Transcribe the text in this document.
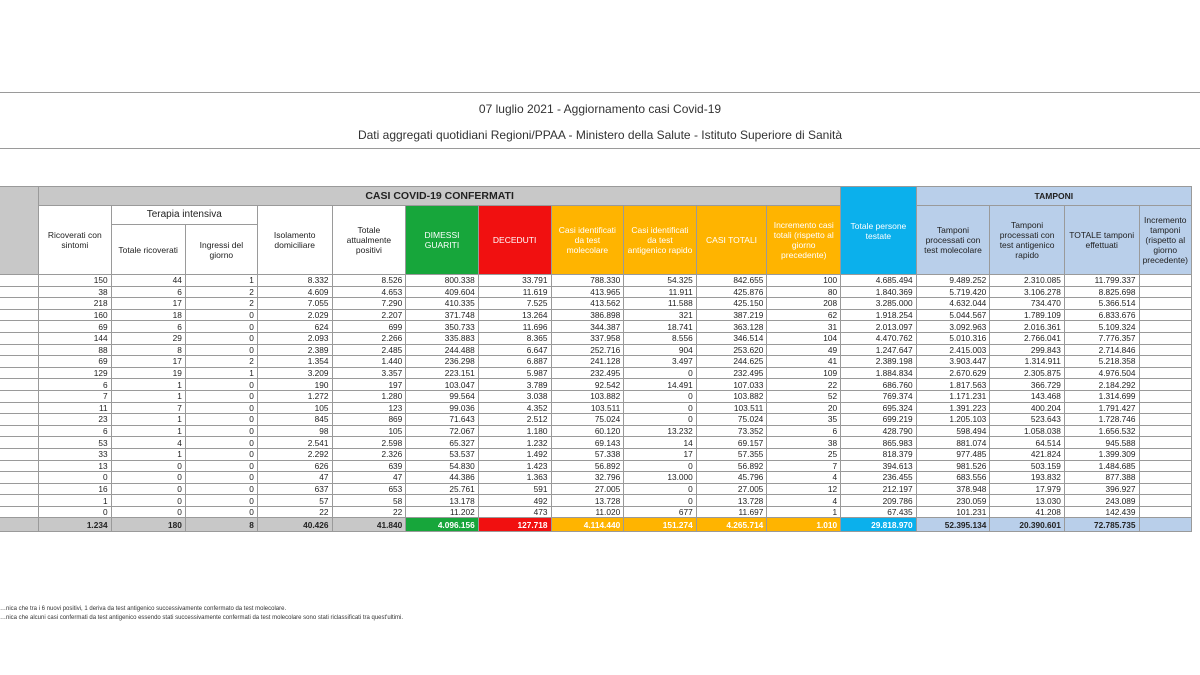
07 luglio 2021 - Aggiornamento casi Covid-19
Dati aggregati quotidiani Regioni/PPAA - Ministero della Salute - Istituto Superiore di Sanità
	CASI COVID-19 CONFERMATI											Totale persone testate	TAMPONI			
	Ricoverati con sintomi	Terapia intensiva		Isolamento domiciliare	Totale attualmente positivi	DIMESSI GUARITI	DECEDUTI	Casi identificati da test molecolare	Casi identificati da test antigenico rapido	CASI TOTALI	Incremento casi totali (rispetto al giorno precedente)		Tamponi processati con test molecolare	Tamponi processati con test antigenico rapido	TOTALE tamponi effettuati	Incremento tamponi (rispetto al giorno precedente)
		Totale ricoverati	Ingressi del giorno													
	150	44	1	8.332	8.526	800.338	33.791	788.330	54.325	842.655	100	4.685.494	9.489.252	2.310.085	11.799.337	
	38	6	2	4.609	4.653	409.604	11.619	413.965	11.911	425.876	80	1.840.369	5.719.420	3.106.278	8.825.698	
	218	17	2	7.055	7.290	410.335	7.525	413.562	11.588	425.150	208	3.285.000	4.632.044	734.470	5.366.514	
	160	18	0	2.029	2.207	371.748	13.264	386.898	321	387.219	62	1.918.254	5.044.567	1.789.109	6.833.676	
	69	6	0	624	699	350.733	11.696	344.387	18.741	363.128	31	2.013.097	3.092.963	2.016.361	5.109.324	
	144	29	0	2.093	2.266	335.883	8.365	337.958	8.556	346.514	104	4.470.762	5.010.316	2.766.041	7.776.357	
	88	8	0	2.389	2.485	244.488	6.647	252.716	904	253.620	49	1.247.647	2.415.003	299.843	2.714.846	
	69	17	2	1.354	1.440	236.298	6.887	241.128	3.497	244.625	41	2.389.198	3.903.447	1.314.911	5.218.358	
	129	19	1	3.209	3.357	223.151	5.987	232.495	0	232.495	109	1.884.834	2.670.629	2.305.875	4.976.504	
	6	1	0	190	197	103.047	3.789	92.542	14.491	107.033	22	686.760	1.817.563	366.729	2.184.292	
	7	1	0	1.272	1.280	99.564	3.038	103.882	0	103.882	52	769.374	1.171.231	143.468	1.314.699	
	11	7	0	105	123	99.036	4.352	103.511	0	103.511	20	695.324	1.391.223	400.204	1.791.427	
	23	1	0	845	869	71.643	2.512	75.024	0	75.024	35	699.219	1.205.103	523.643	1.728.746	
	6	1	0	98	105	72.067	1.180	60.120	13.232	73.352	6	428.790	598.494	1.058.038	1.656.532	
	53	4	0	2.541	2.598	65.327	1.232	69.143	14	69.157	38	865.983	881.074	64.514	945.588	
	33	1	0	2.292	2.326	53.537	1.492	57.338	17	57.355	25	818.379	977.485	421.824	1.399.309	
	13	0	0	626	639	54.830	1.423	56.892	0	56.892	7	394.613	981.526	503.159	1.484.685	
	0	0	0	47	47	44.386	1.363	32.796	13.000	45.796	4	236.455	683.556	193.832	877.388	
	16	0	0	637	653	25.761	591	27.005	0	27.005	12	212.197	378.948	17.979	396.927	
	1	0	0	57	58	13.178	492	13.728	0	13.728	4	209.786	230.059	13.030	243.089	
	0	0	0	22	22	11.202	473	11.020	677	11.697	1	67.435	101.231	41.208	142.439	
	1.234	180	8	40.426	41.840	4.096.156	127.718	4.114.440	151.274	4.265.714	1.010	29.818.970	52.395.134	20.390.601	72.785.735	
…nica che tra i 6 nuovi positivi, 1 deriva da test antigenico successivamente confermato da test molecolare.
…nica che alcuni casi confermati da test antigenico essendo stati successivamente confermati da test molecolare sono stati riclassificati tra quest'ultimi.
